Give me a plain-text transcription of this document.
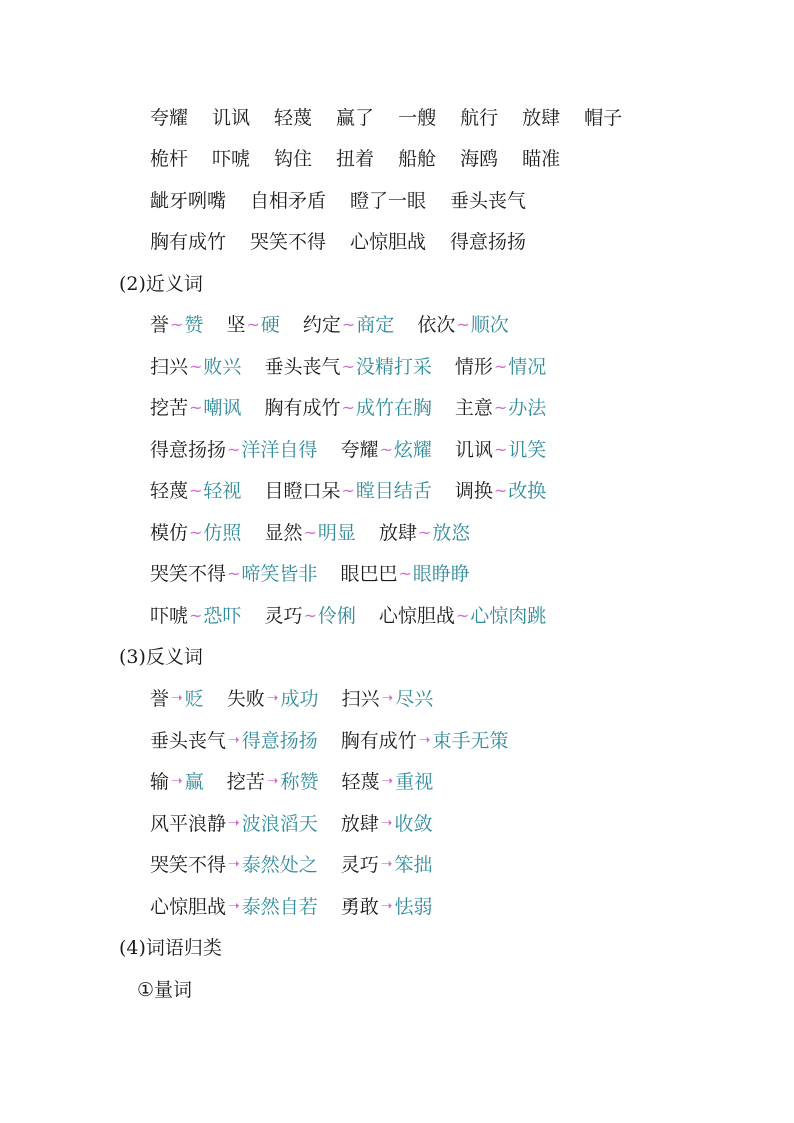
夸耀 讥讽 轻蔑 赢了 一艘 航行 放肆 帽子
桅杆 吓唬 钩住 扭着 船舱 海鸥 瞄准
龇牙咧嘴 自相矛盾 瞪了一眼 垂头丧气
胸有成竹 哭笑不得 心惊胆战 得意扬扬
(2)近义词
誉 ~ 赞 坚 ~ 硬 约定 ~ 商定 依次 ~ 顺次
扫兴 ~ 败兴 垂头丧气 ~ 没精打采 情形 ~ 情况
挖苦 ~ 嘲讽 胸有成竹 ~ 成竹在胸 主意 ~ 办法
得意扬扬 ~ 洋洋自得 夸耀 ~ 炫耀 讥讽 ~ 讥笑
轻蔑 ~ 轻视 目瞪口呆 ~ 瞠目结舌 调换 ~ 改换
模仿 ~ 仿照 显然 ~ 明显 放肆 ~ 放恣
哭笑不得 ~ 啼笑皆非 眼巴巴 ~ 眼睁睁
吓唬 ~ 恐吓 灵巧 ~ 伶俐 心惊胆战 ~ 心惊肉跳
(3)反义词
誉 ➝ 贬 失败 ➝ 成功 扫兴 ➝ 尽兴
垂头丧气 ➝ 得意扬扬 胸有成竹 ➝ 束手无策
输 ➝ 赢 挖苦 ➝ 称赞 轻蔑 ➝ 重视
风平浪静 ➝ 波浪滔天 放肆 ➝ 收敛
哭笑不得 ➝ 泰然处之 灵巧 ➝ 笨拙
心惊胆战 ➝ 泰然自若 勇敢 ➝ 怯弱
(4)词语归类
①量词
